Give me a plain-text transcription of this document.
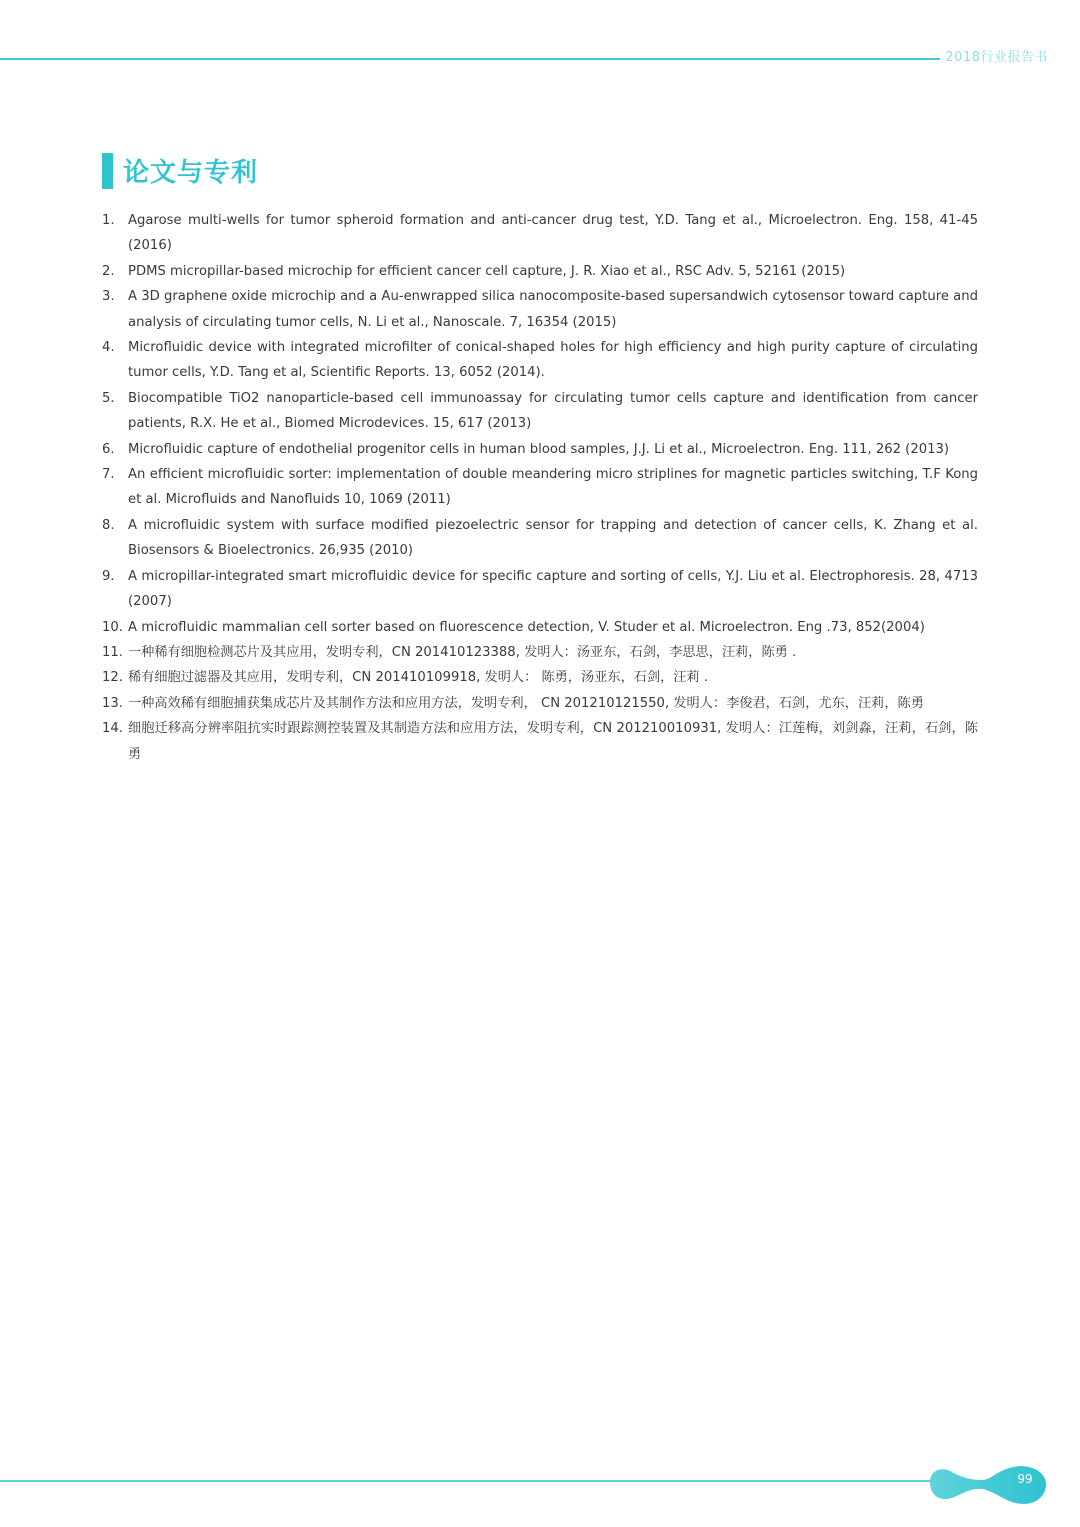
2018行业报告书
论文与专利
1.	Agarose multi-wells for tumor spheroid formation and anti-cancer drug test, Y.D. Tang et al., Microelectron. Eng. 158, 41-45 (2016)
2.	PDMS micropillar-based microchip for efficient cancer cell capture, J. R. Xiao et al., RSC Adv. 5, 52161 (2015)
3.	A 3D graphene oxide microchip and a Au-enwrapped silica nanocomposite-based supersandwich cytosensor toward capture and analysis of circulating tumor cells, N. Li et al., Nanoscale. 7, 16354 (2015)
4.	Microfluidic device with integrated microfilter of conical-shaped holes for high efficiency and high purity capture of circulating tumor cells, Y.D. Tang et al, Scientific Reports. 13, 6052 (2014).
5.	Biocompatible TiO2 nanoparticle-based cell immunoassay for circulating tumor cells capture and identification from cancer patients, R.X. He et al., Biomed Microdevices. 15, 617 (2013)
6.	Microfluidic capture of endothelial progenitor cells in human blood samples, J.J. Li et al., Microelectron. Eng. 111, 262 (2013)
7.	An efficient microfluidic sorter: implementation of double meandering micro striplines for magnetic particles switching, T.F Kong et al. Microfluids and Nanofluids 10, 1069 (2011)
8.	A microfluidic system with surface modified piezoelectric sensor for trapping and detection of cancer cells, K. Zhang et al. Biosensors & Bioelectronics. 26,935 (2010)
9.	A micropillar-integrated smart microfluidic device for specific capture and sorting of cells, Y.J. Liu et al. Electrophoresis. 28, 4713 (2007)
10. A microfluidic mammalian cell sorter based on fluorescence detection, V. Studer et al. Microelectron. Eng .73, 852(2004)
11. 一种稀有细胞检测芯片及其应用，发明专利，CN 201410123388, 发明人：汤亚东，石剑，李思思，汪莉，陈勇 .
12. 稀有细胞过滤器及其应用，发明专利，CN 201410109918, 发明人： 陈勇，汤亚东，石剑，汪莉 .
13. 一种高效稀有细胞捕获集成芯片及其制作方法和应用方法，发明专利， CN 201210121550, 发明人：李俊君，石剑，尤东，汪莉，陈勇
14. 细胞迁移高分辨率阻抗实时跟踪测控装置及其制造方法和应用方法，发明专利，CN 201210010931, 发明人：江莲梅，刘剑淼，汪莉，石剑，陈勇
99
